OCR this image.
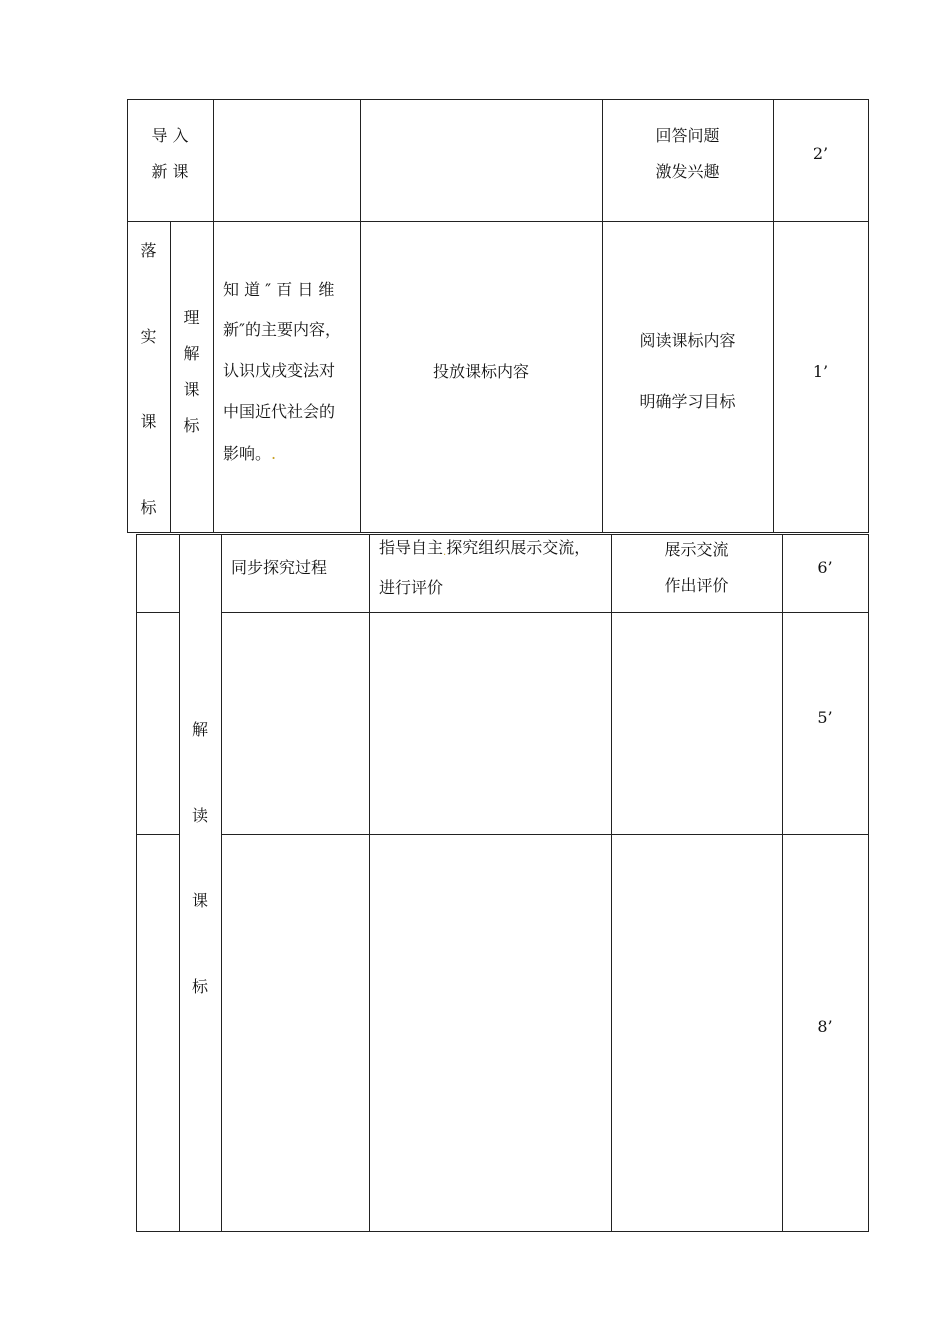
导 入
新 课
回答问题
激发兴趣
2’
落
实
课
标
理
解
课
标
知 道 ″ 百 日 维
新″的主要内容，
认识戊戌变法对
中国近代社会的
影响。.
投放课标内容
阅读课标内容
明确学习目标
1’
解
读
课
标
同步探究过程
指导自主.探究组织展示交流，
进行评价
展示交流
作出评价
6’
5’
8’
